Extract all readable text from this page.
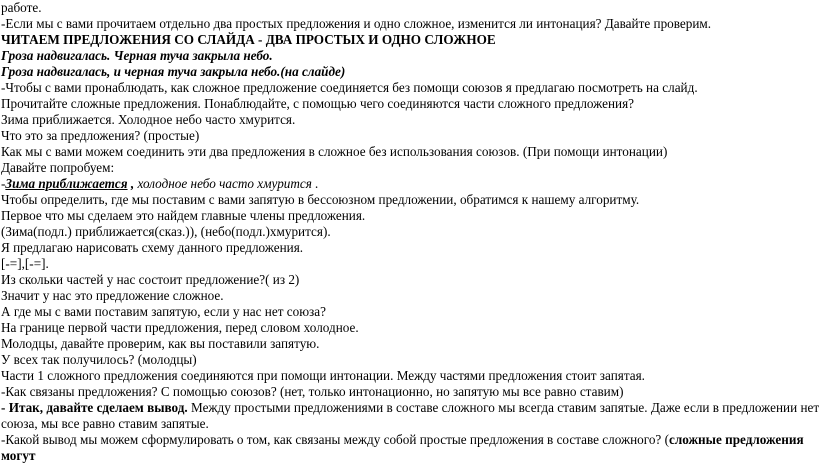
работе.
-Если мы с вами прочитаем отдельно два простых предложения и одно сложное, изменится ли интонация? Давайте проверим.
ЧИТАЕМ ПРЕДЛОЖЕНИЯ СО СЛАЙДА - ДВА ПРОСТЫХ И ОДНО СЛОЖНОЕ
Гроза надвигалась. Черная туча закрыла небо.
Гроза надвигалась, и черная туча закрыла небо.(на слайде)
-Чтобы с вами пронаблюдать, как сложное предложение соединяется без помощи союзов я предлагаю посмотреть на слайд.
Прочитайте сложные предложения. Понаблюдайте, с помощью чего соединяются части сложного предложения?
Зима приближается. Холодное небо часто хмурится.
Что это за предложения? (простые)
Как мы с вами можем соединить эти два предложения в сложное без использования союзов. (При помощи интонации)
Давайте попробуем:
-Зима приближается , холодное небо часто хмурится .
Чтобы определить, где мы поставим с вами запятую в бессоюзном предложении, обратимся к нашему алгоритму.
Первое что мы сделаем это найдем главные члены предложения.
(Зима(подл.) приближается(сказ.)), (небо(подл.)хмурится).
Я предлагаю нарисовать схему данного предложения.
[-=],[-=].
Из скольки частей у нас состоит предложение?( из 2)
Значит у нас это предложение сложное.
А где мы с вами поставим запятую, если у нас нет союза?
На границе первой части предложения, перед словом холодное.
Молодцы, давайте проверим, как вы поставили запятую.
У всех так получилось? (молодцы)
Части 1 сложного предложения соединяются при помощи интонации. Между частями предложения стоит запятая.
-Как связаны предложения? С помощью союзов? (нет, только интонационно, но запятую мы все равно ставим)
- Итак, давайте сделаем вывод. Между простыми предложениями в составе сложного мы всегда ставим запятые. Даже если в предложении нет
союза, мы все равно ставим запятые.
-Какой вывод мы можем сформулировать о том, как связаны между собой простые предложения в составе сложного? (сложные предложения
могут
